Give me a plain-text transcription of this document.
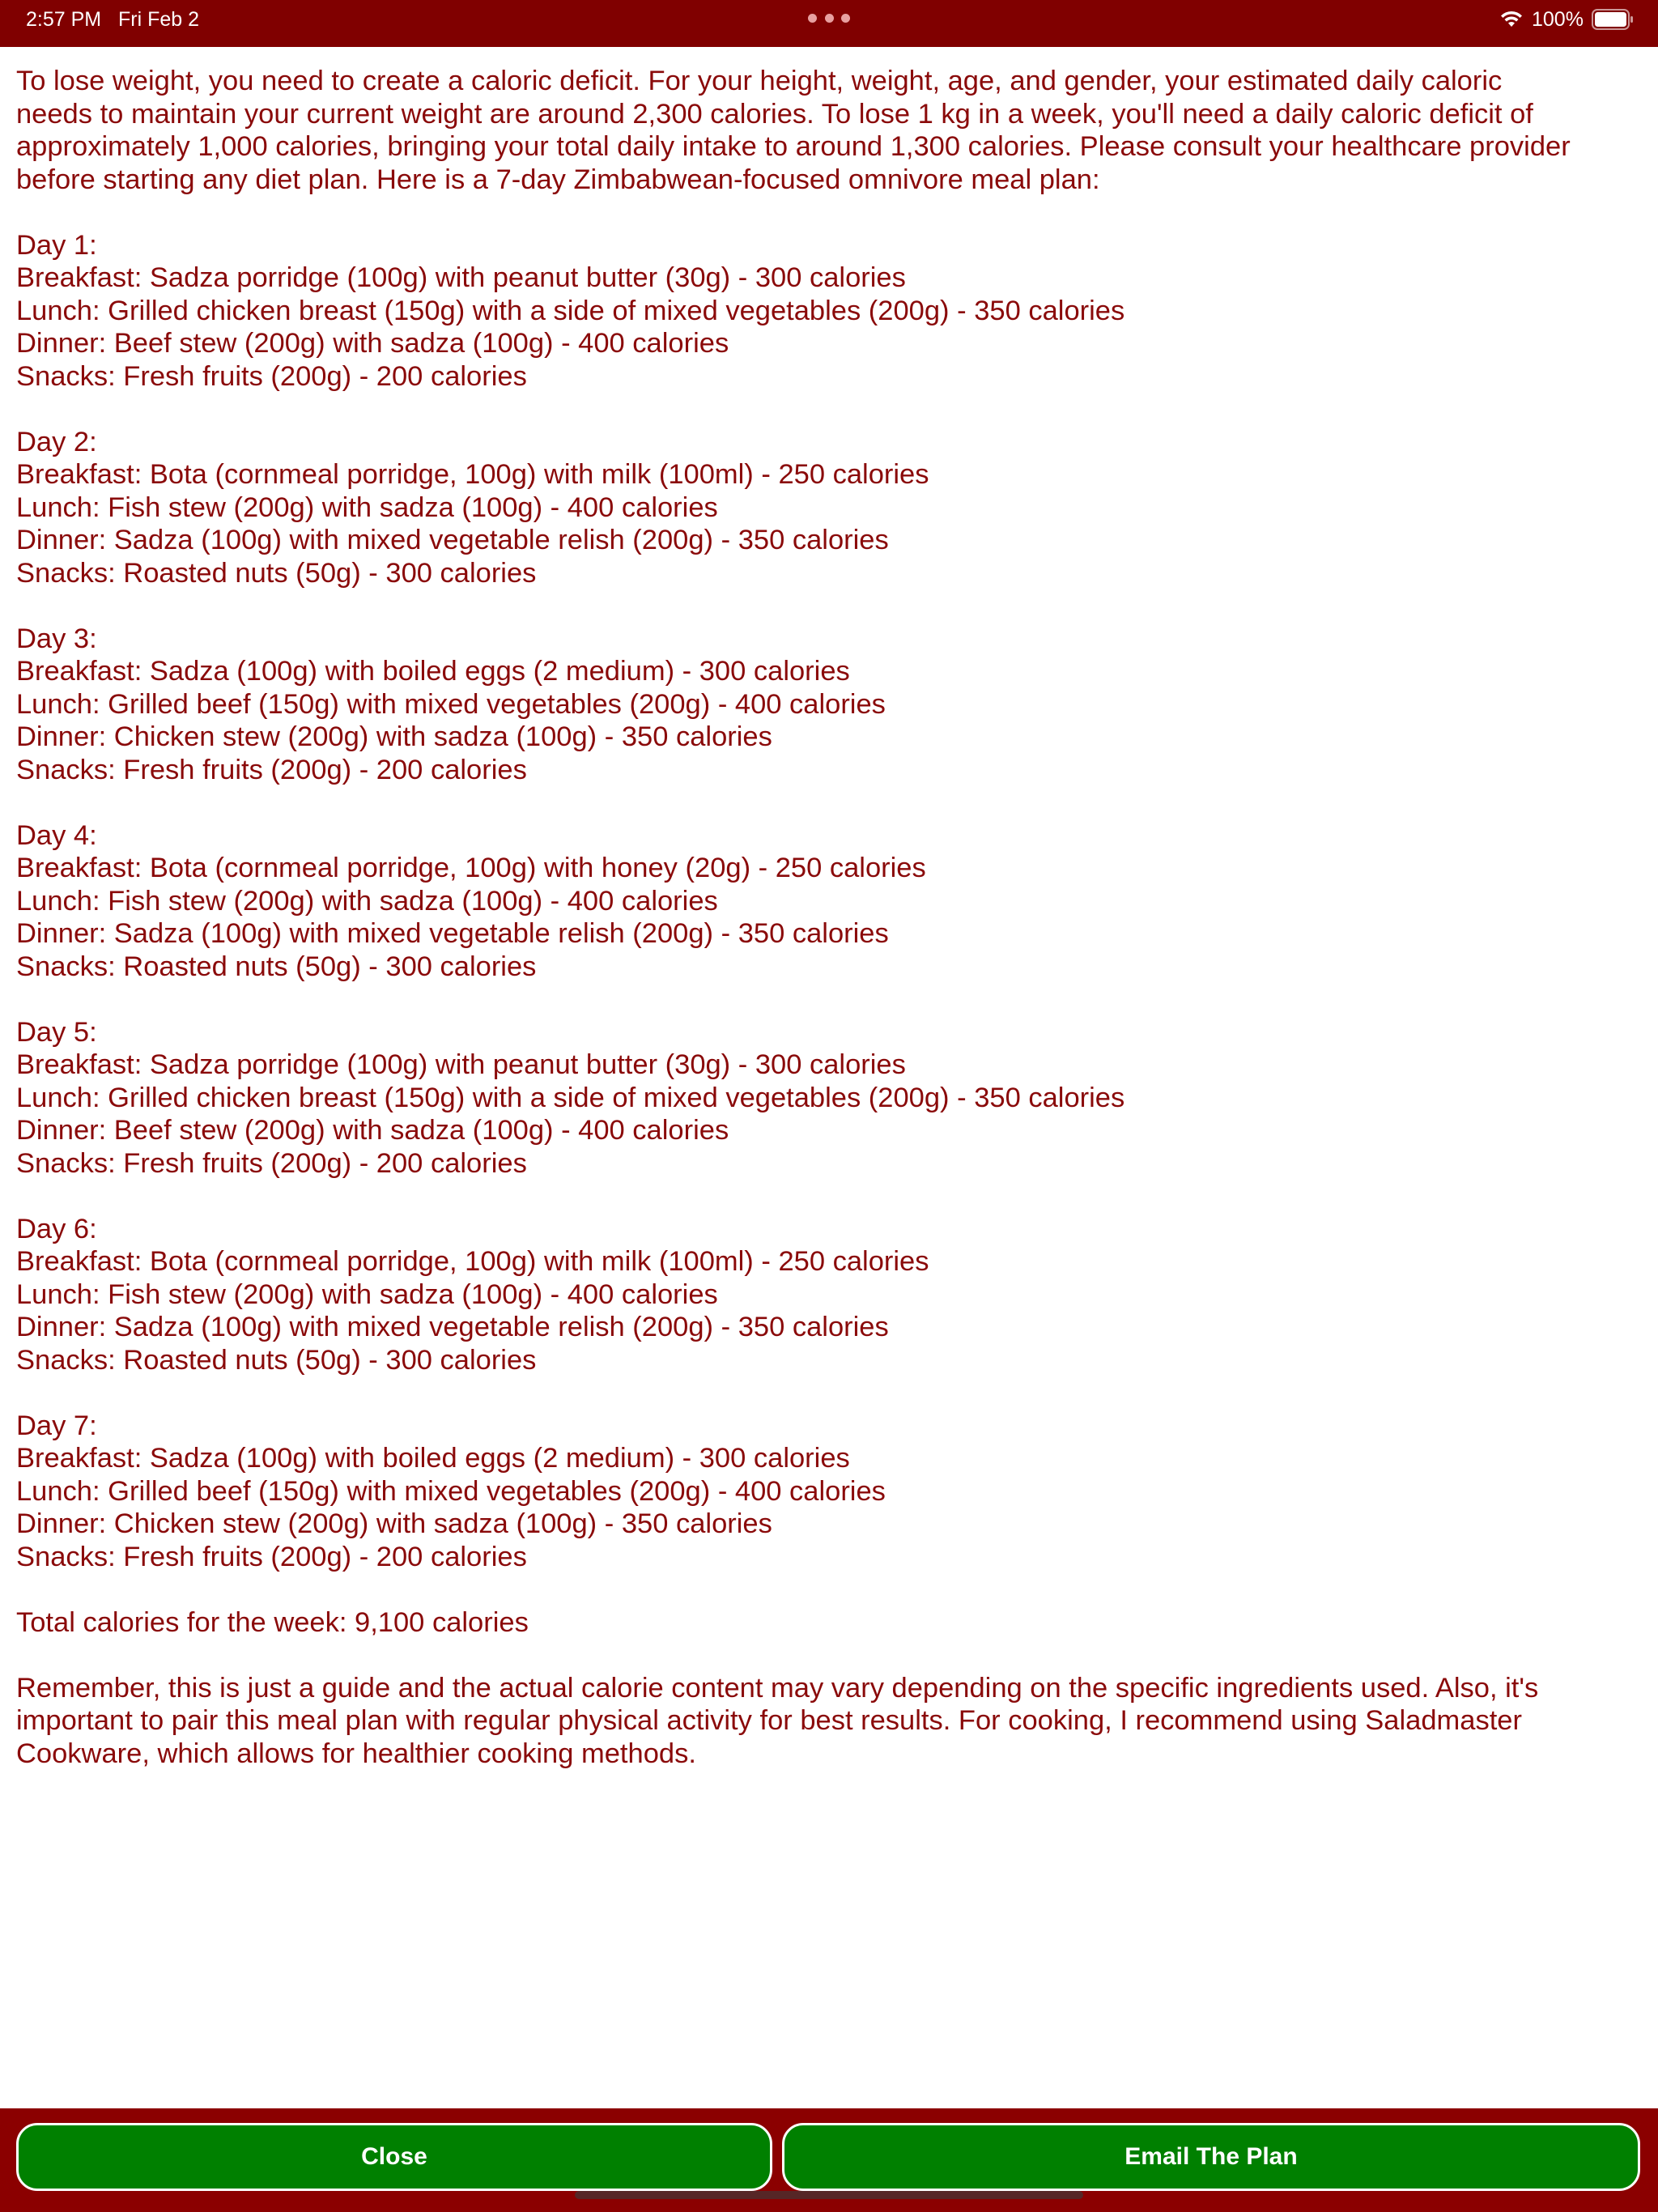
2:57 PM Fri Feb 2	100%
To lose weight, you need to create a caloric deficit. For your height, weight, age, and gender, your estimated daily caloric
needs to maintain your current weight are around 2,300 calories. To lose 1 kg in a week, you'll need a daily caloric deficit of
approximately 1,000 calories, bringing your total daily intake to around 1,300 calories. Please consult your healthcare provider
before starting any diet plan. Here is a 7-day Zimbabwean-focused omnivore meal plan:
Day 1:
Breakfast: Sadza porridge (100g) with peanut butter (30g) - 300 calories
Lunch: Grilled chicken breast (150g) with a side of mixed vegetables (200g) - 350 calories
Dinner: Beef stew (200g) with sadza (100g) - 400 calories
Snacks: Fresh fruits (200g) - 200 calories
Day 2:
Breakfast: Bota (cornmeal porridge, 100g) with milk (100ml) - 250 calories
Lunch: Fish stew (200g) with sadza (100g) - 400 calories
Dinner: Sadza (100g) with mixed vegetable relish (200g) - 350 calories
Snacks: Roasted nuts (50g) - 300 calories
Day 3:
Breakfast: Sadza (100g) with boiled eggs (2 medium) - 300 calories
Lunch: Grilled beef (150g) with mixed vegetables (200g) - 400 calories
Dinner: Chicken stew (200g) with sadza (100g) - 350 calories
Snacks: Fresh fruits (200g) - 200 calories
Day 4:
Breakfast: Bota (cornmeal porridge, 100g) with honey (20g) - 250 calories
Lunch: Fish stew (200g) with sadza (100g) - 400 calories
Dinner: Sadza (100g) with mixed vegetable relish (200g) - 350 calories
Snacks: Roasted nuts (50g) - 300 calories
Day 5:
Breakfast: Sadza porridge (100g) with peanut butter (30g) - 300 calories
Lunch: Grilled chicken breast (150g) with a side of mixed vegetables (200g) - 350 calories
Dinner: Beef stew (200g) with sadza (100g) - 400 calories
Snacks: Fresh fruits (200g) - 200 calories
Day 6:
Breakfast: Bota (cornmeal porridge, 100g) with milk (100ml) - 250 calories
Lunch: Fish stew (200g) with sadza (100g) - 400 calories
Dinner: Sadza (100g) with mixed vegetable relish (200g) - 350 calories
Snacks: Roasted nuts (50g) - 300 calories
Day 7:
Breakfast: Sadza (100g) with boiled eggs (2 medium) - 300 calories
Lunch: Grilled beef (150g) with mixed vegetables (200g) - 400 calories
Dinner: Chicken stew (200g) with sadza (100g) - 350 calories
Snacks: Fresh fruits (200g) - 200 calories
Total calories for the week: 9,100 calories
Remember, this is just a guide and the actual calorie content may vary depending on the specific ingredients used. Also, it's
important to pair this meal plan with regular physical activity for best results. For cooking, I recommend using Saladmaster
Cookware, which allows for healthier cooking methods.
Close	Email The Plan
